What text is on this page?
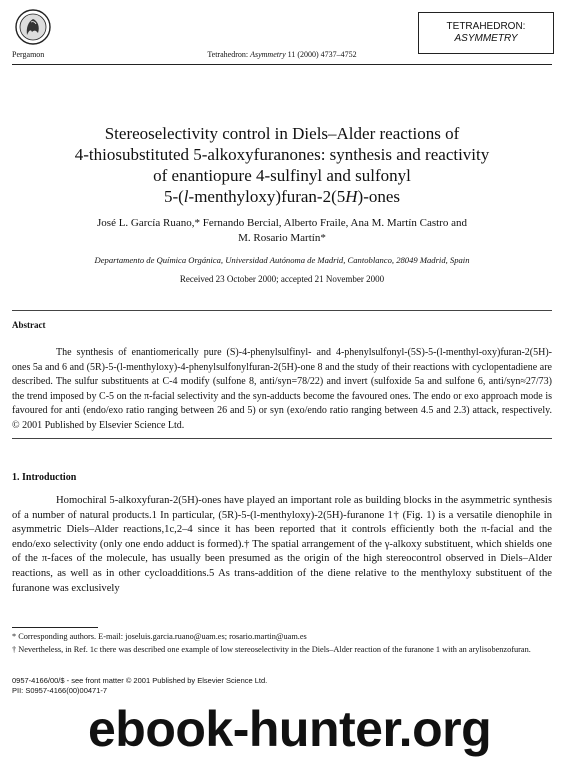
Pergamon	Tetrahedron: Asymmetry 11 (2000) 4737–4752
TETRAHEDRON:
ASYMMETRY
Stereoselectivity control in Diels–Alder reactions of
4-thiosubstituted 5-alkoxyfuranones: synthesis and reactivity
of enantiopure 4-sulfinyl and sulfonyl
5-(l-menthyloxy)furan-2(5H)-ones
José L. García Ruano,* Fernando Bercial, Alberto Fraile, Ana M. Martín Castro and
M. Rosario Martín*
Departamento de Química Orgánica, Universidad Autónoma de Madrid, Cantoblanco, 28049 Madrid, Spain
Received 23 October 2000; accepted 21 November 2000
Abstract
The synthesis of enantiomerically pure (S)-4-phenylsulfinyl- and 4-phenylsulfonyl-(5S)-5-(l-menthyl-oxy)furan-2(5H)-ones 5a and 6 and (5R)-5-(l-menthyloxy)-4-phenylsulfonylfuran-2(5H)-one 8 and the study of their reactions with cyclopentadiene are described. The sulfur substituents at C-4 modify (sulfone 8, anti/syn=78/22) and invert (sulfoxide 5a and sulfone 6, anti/syn≈27/73) the trend imposed by C-5 on the π-facial selectivity and the syn-adducts become the favoured ones. The endo or exo approach mode is favoured for anti (endo/exo ratio ranging between 26 and 5) or syn (exo/endo ratio ranging between 4.5 and 2.3) attack, respectively. © 2001 Published by Elsevier Science Ltd.
1. Introduction
Homochiral 5-alkoxyfuran-2(5H)-ones have played an important role as building blocks in the asymmetric synthesis of a number of natural products.1 In particular, (5R)-5-(l-menthyloxy)-2(5H)-furanone 1† (Fig. 1) is a versatile dienophile in asymmetric Diels–Alder reactions,1c,2–4 since it has been reported that it controls efficiently both the π-facial and the endo/exo selectivity (only one endo adduct is formed).† The spatial arrangement of the γ-alkoxy substituent, which shields one of the π-faces of the molecule, has usually been presumed as the origin of the high stereocontrol observed in Diels–Alder reactions, as well as in other cycloadditions.5 As trans-addition of the diene relative to the menthyloxy substituent of the furanone was exclusively
* Corresponding authors. E-mail: joseluis.garcia.ruano@uam.es; rosario.martin@uam.es
† Nevertheless, in Ref. 1c there was described one example of low stereoselectivity in the Diels–Alder reaction of the furanone 1 with an arylisobenzofuran.
0957-4166/00/$ - see front matter © 2001 Published by Elsevier Science Ltd.
PII: S0957-4166(00)00471-7
ebook-hunter.org
